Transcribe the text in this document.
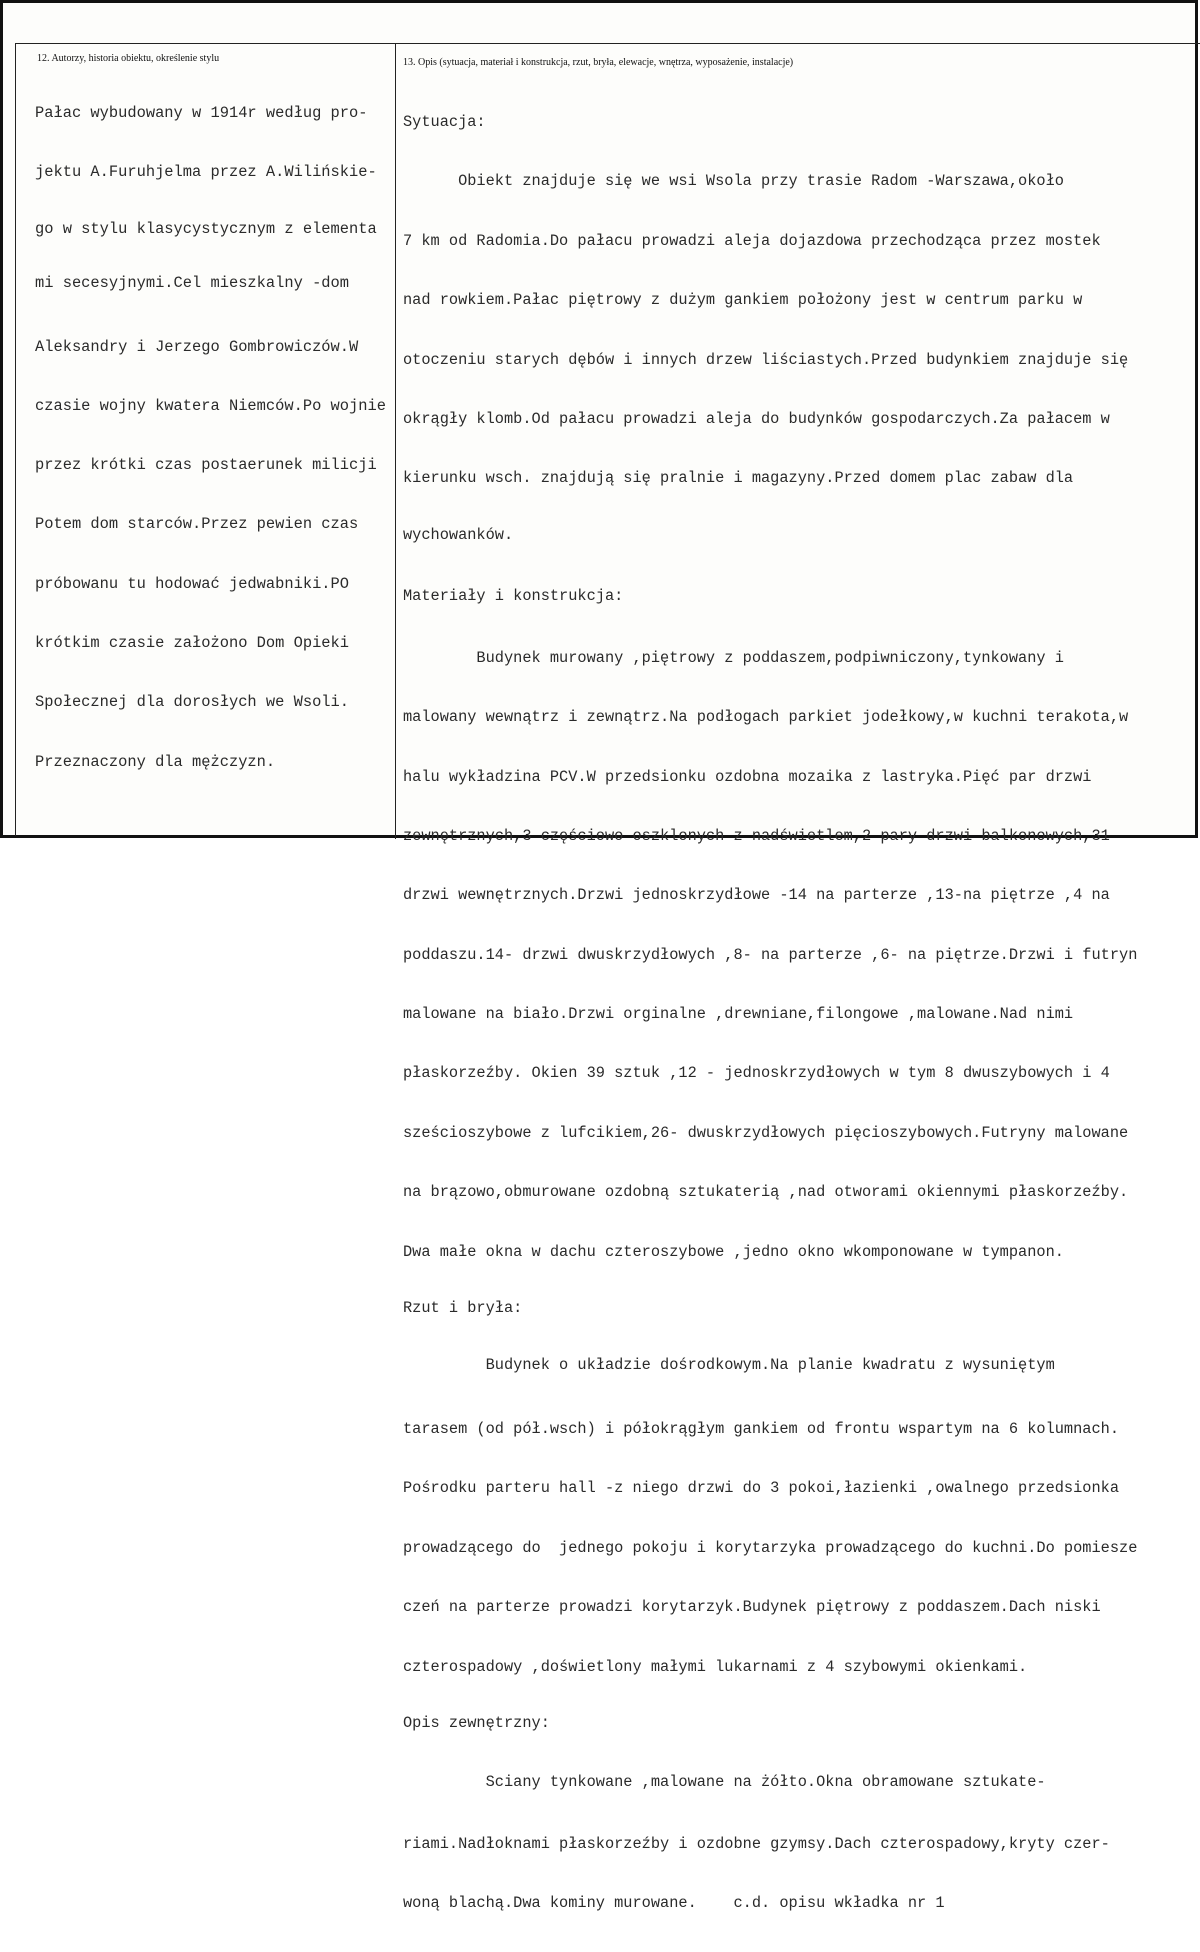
12. Autorzy, historia obiektu, określenie stylu	13. Opis (sytuacja, materiał i konstrukcja, rzut, bryła, elewacje, wnętrza, wyposażenie, instalacje)

Pałac wybudowany w 1914r według pro-

jektu A.Furuhjelma przez A.Wilińskie-

go w stylu klasycystycznym z elementa

mi secesyjnymi.Cel mieszkalny -dom

Aleksandry i Jerzego Gombrowiczów.W

czasie wojny kwatera Niemców.Po wojnie

przez krótki czas postaerunek milicji

Potem dom starców.Przez pewien czas

próbowanu tu hodować jedwabniki.PO

krótkim czasie założono Dom Opieki

Społecznej dla dorosłych we Wsoli.

Przeznaczony dla mężczyzn.

Sytuacja:

Obiekt znajduje się we wsi Wsola przy trasie Radom -Warszawa,około

7 km od Radomia.Do pałacu prowadzi aleja dojazdowa przechodząca przez mostek

nad rowkiem.Pałac piętrowy z dużym gankiem położony jest w centrum parku w

otoczeniu starych dębów i innych drzew liściastych.Przed budynkiem znajduje się

okrągły klomb.Od pałacu prowadzi aleja do budynków gospodarczych.Za pałacem w

kierunku wsch. znajdują się pralnie i magazyny.Przed domem plac zabaw dla

wychowanków.

Materiały i konstrukcja:

Budynek murowany ,piętrowy z poddaszem,podpiwniczony,tynkowany i

malowany wewnątrz i zewnątrz.Na podłogach parkiet jodełkowy,w kuchni terakota,w

halu wykładzina PCV.W przedsionku ozdobna mozaika z lastryka.Pięć par drzwi

zewnętrznych,3 częściowo oszklonych z nadświetlem,2 pary drzwi balkonowych,31

drzwi wewnętrznych.Drzwi jednoskrzydłowe -14 na parterze ,13-na piętrze ,4 na

poddaszu.14- drzwi dwuskrzydłowych ,8- na parterze ,6- na piętrze.Drzwi i futryn

malowane na biało.Drzwi orginalne ,drewniane,filongowe ,malowane.Nad nimi

płaskorzeźby. Okien 39 sztuk ,12 - jednoskrzydłowych w tym 8 dwuszybowych i 4

sześcioszybowe z lufcikiem,26- dwuskrzydłowych pięcioszybowych.Futryny malowane

na brązowo,obmurowane ozdobną sztukaterią ,nad otworami okiennymi płaskorzeźby.

Dwa małe okna w dachu czteroszybowe ,jedno okno wkomponowane w tympanon.

Rzut i bryła:

Budynek o układzie dośrodkowym.Na planie kwadratu z wysuniętym

tarasem (od pół.wsch) i półokrągłym gankiem od frontu wspartym na 6 kolumnach.

Pośrodku parteru hall -z niego drzwi do 3 pokoi,łazienki ,owalnego przedsionka

prowadzącego do  jednego pokoju i korytarzyka prowadzącego do kuchni.Do pomiesze

czeń na parterze prowadzi korytarzyk.Budynek piętrowy z poddaszem.Dach niski

czterospadowy ,doświetlony małymi lukarnami z 4 szybowymi okienkami.

Opis zewnętrzny:

Sciany tynkowane ,malowane na żółto.Okna obramowane sztukate-

riami.Nadłoknami płaskorzeźby i ozdobne gzymsy.Dach czterospadowy,kryty czer-

woną blachą.Dwa kominy murowane.    c.d. opisu wkładka nr 1
